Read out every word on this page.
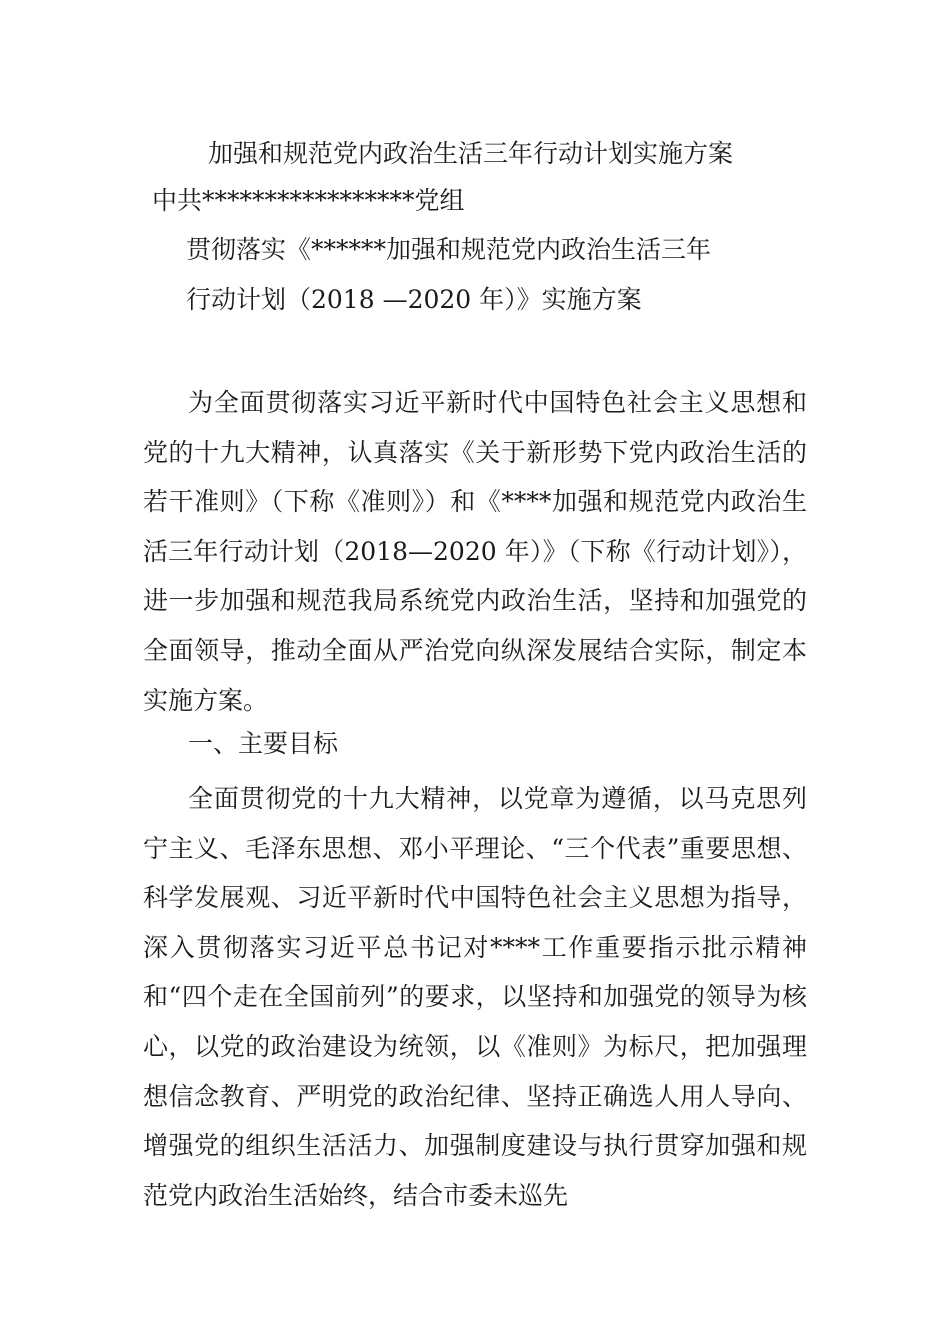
加强和规范党内政治生活三年行动计划实施方案
中共*****************党组
贯彻落实《******加强和规范党内政治生活三年
行动计划（2018 —2020 年）》实施方案

为全面贯彻落实习近平新时代中国特色社会主义思想和党的十九大精神，认真落实《关于新形势下党内政治生活的若干准则》（下称《准则》）和《****加强和规范党内政治生活三年行动计划（2018—2020 年）》（下称《行动计划》），进一步加强和规范我局系统党内政治生活，坚持和加强党的全面领导，推动全面从严治党向纵深发展结合实际，制定本实施方案。

一、主要目标

全面贯彻党的十九大精神，以党章为遵循，以马克思列宁主义、毛泽东思想、邓小平理论、“三个代表”重要思想、科学发展观、习近平新时代中国特色社会主义思想为指导，深入贯彻落实习近平总书记对****工作重要指示批示精神和“四个走在全国前列”的要求，以坚持和加强党的领导为核心，以党的政治建设为统领，以《准则》为标尺，把加强理想信念教育、严明党的政治纪律、坚持正确选人用人导向、增强党的组织生活活力、加强制度建设与执行贯穿加强和规范党内政治生活始终，结合市委未巡先
